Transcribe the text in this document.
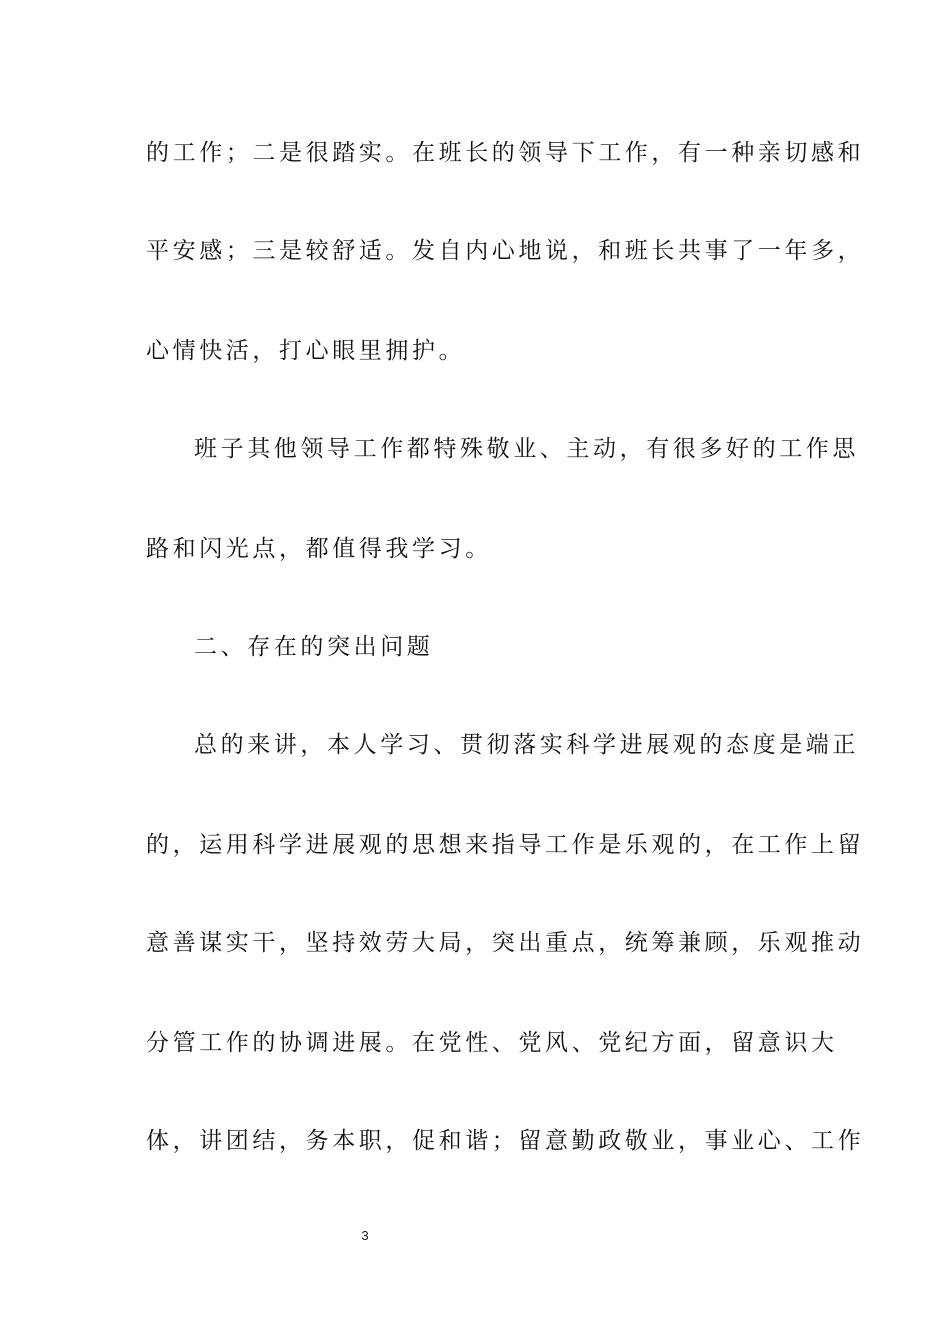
的工作；二是很踏实。在班长的领导下工作，有一种亲切感和
平安感；三是较舒适。发自内心地说，和班长共事了一年多，
心情快活，打心眼里拥护。
班子其他领导工作都特殊敬业、主动，有很多好的工作思
路和闪光点，都值得我学习。
二、存在的突出问题
总的来讲，本人学习、贯彻落实科学进展观的态度是端正
的，运用科学进展观的思想来指导工作是乐观的，在工作上留
意善谋实干，坚持效劳大局，突出重点，统筹兼顾，乐观推动
分管工作的协调进展。在党性、党风、党纪方面，留意识大
体，讲团结，务本职，促和谐；留意勤政敬业，事业心、工作
3
